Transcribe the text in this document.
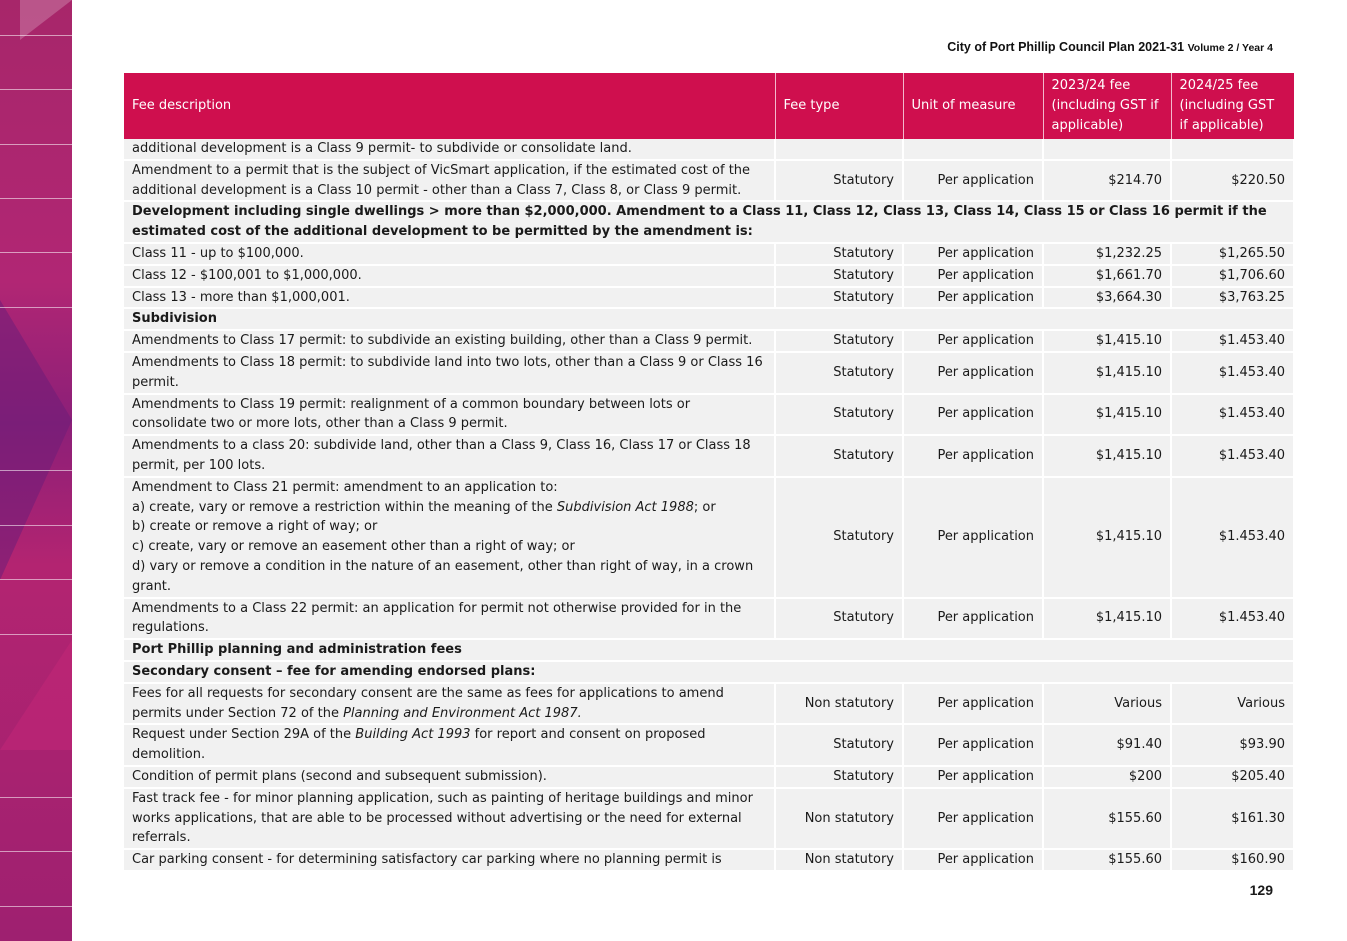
City of Port Phillip Council Plan 2021-31 Volume 2 / Year 4
Fee description	Fee type	Unit of measure	2023/24 fee (including GST if applicable)	2024/25 fee (including GST if applicable)
additional development is a Class 9 permit- to subdivide or consolidate land.				
Amendment to a permit that is the subject of VicSmart application, if the estimated cost of the additional development is a Class 10 permit - other than a Class 7, Class 8, or Class 9 permit.	Statutory	Per application	$214.70	$220.50
Development including single dwellings > more than $2,000,000. Amendment to a Class 11, Class 12, Class 13, Class 14, Class 15 or Class 16 permit if the estimated cost of the additional development to be permitted by the amendment is:				
Class 11 - up to $100,000.	Statutory	Per application	$1,232.25	$1,265.50
Class 12 - $100,001 to $1,000,000.	Statutory	Per application	$1,661.70	$1,706.60
Class 13 - more than $1,000,001.	Statutory	Per application	$3,664.30	$3,763.25
Subdivision				
Amendments to Class 17 permit: to subdivide an existing building, other than a Class 9 permit.	Statutory	Per application	$1,415.10	$1.453.40
Amendments to Class 18 permit: to subdivide land into two lots, other than a Class 9 or Class 16 permit.	Statutory	Per application	$1,415.10	$1.453.40
Amendments to Class 19 permit: realignment of a common boundary between lots or consolidate two or more lots, other than a Class 9 permit.	Statutory	Per application	$1,415.10	$1.453.40
Amendments to a class 20: subdivide land, other than a Class 9, Class 16, Class 17 or Class 18 permit, per 100 lots.	Statutory	Per application	$1,415.10	$1.453.40

Amendment to Class 21 permit: amendment to an application to:
a) create, vary or remove a restriction within the meaning of the Subdivision Act 1988; or
b) create or remove a right of way; or
c) create, vary or remove an easement other than a right of way; or
d) vary or remove a condition in the nature of an easement, other than right of way, in a crown grant.	Statutory	Per application	$1,415.10	$1.453.40
Amendments to a Class 22 permit: an application for permit not otherwise provided for in the regulations.	Statutory	Per application	$1,415.10	$1.453.40
Port Phillip planning and administration fees				
Secondary consent – fee for amending endorsed plans:				
Fees for all requests for secondary consent are the same as fees for applications to amend permits under Section 72 of the Planning and Environment Act 1987.	Non statutory	Per application	Various	Various
Request under Section 29A of the Building Act 1993 for report and consent on proposed demolition.	Statutory	Per application	$91.40	$93.90
Condition of permit plans (second and subsequent submission).	Statutory	Per application	$200	$205.40
Fast track fee - for minor planning application, such as painting of heritage buildings and minor works applications, that are able to be processed without advertising or the need for external referrals.	Non statutory	Per application	$155.60	$161.30
Car parking consent - for determining satisfactory car parking where no planning permit is	Non statutory	Per application	$155.60	$160.90
129
